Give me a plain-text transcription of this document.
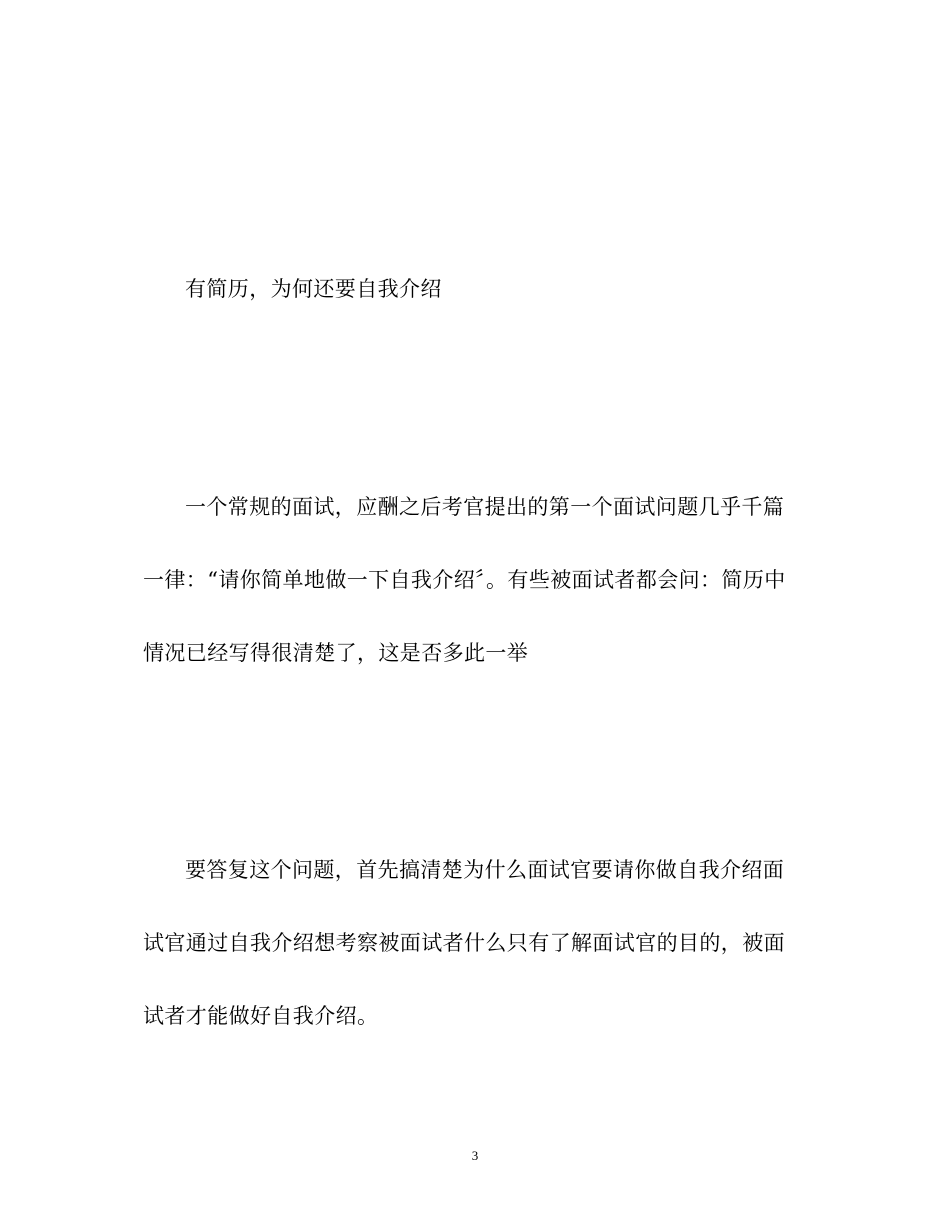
有简历，为何还要自我介绍
一个常规的面试，应酬之后考官提出的第一个面试问题几乎千篇
一律：“请你简单地做一下自我介绍〞。有些被面试者都会问：简历中
情况已经写得很清楚了，这是否多此一举
要答复这个问题，首先搞清楚为什么面试官要请你做自我介绍面
试官通过自我介绍想考察被面试者什么只有了解面试官的目的，被面
试者才能做好自我介绍。
3
